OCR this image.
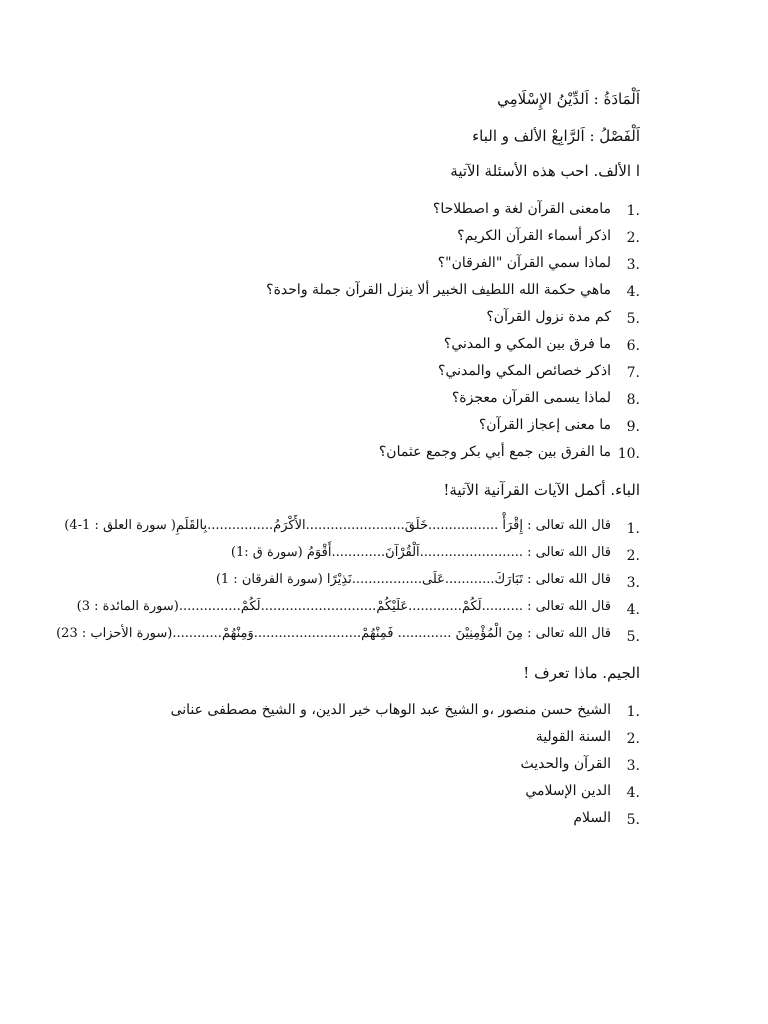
اَلْمَادَةُ : اَلدِّيْنُ الإِسْلَامِي
اَلْفَصْلُ : اَلرَّابِعْ الألف و الباء
ا الألف. احب هذه الأسئلة الآتية
1.
مامعنى القرآن لغة و اصطلاحا؟
2.
اذكر أسماء القرآن الكريم؟
3.
لماذا سمي القرآن "الفرقان"؟
4.
ماهي حكمة الله اللطيف الخبير ألا ينزل القرآن جملة واحدة؟
5.
كم مدة نزول القرآن؟
6.
ما فرق بين المكي و المدني؟
7.
اذكر خصائص المكي والمدني؟
8.
لماذا يسمى القرآن معجزة؟
9.
ما معنى إعجاز القرآن؟
10.
ما الفرق بين جمع أبي بكر وجمع عثمان؟
الباء. أكمل الآيات القرآنية الآتية!
1.
قال الله تعالى : إِقْرَأْ .................خَلَقَ........................الأَكْرَمُ................بِالقَلَمِ( سورة العلق : 1-4)
2.
قال الله تعالى : .........................اَلْقُرْآنَ.............أَقْوَمُ (سورة ق :1)
3.
قال الله تعالى : تَبَارَكَ............عَلَى.................نَذِيْرًا (سورة الفرقان : 1)
4.
قال الله تعالى : ..........لَكُمْ.............عَلَيْكُمْ............................لَكُمْ...............(سورة المائدة : 3)
5.
قال الله تعالى : مِنَ الْمُؤْمِنِيْنَ ............. فَمِنْهُمْ..........................وَمِنْهُمْ............(سورة الأحزاب : 23)
الجيم. ماذا تعرف !
1.
الشيخ حسن منصور ،و الشيخ عبد الوهاب خير الدين، و الشيخ مصطفى عنانى
2.
السنة القولية
3.
القرآن والحديث
4.
الدين الإسلامي
5.
السلام
